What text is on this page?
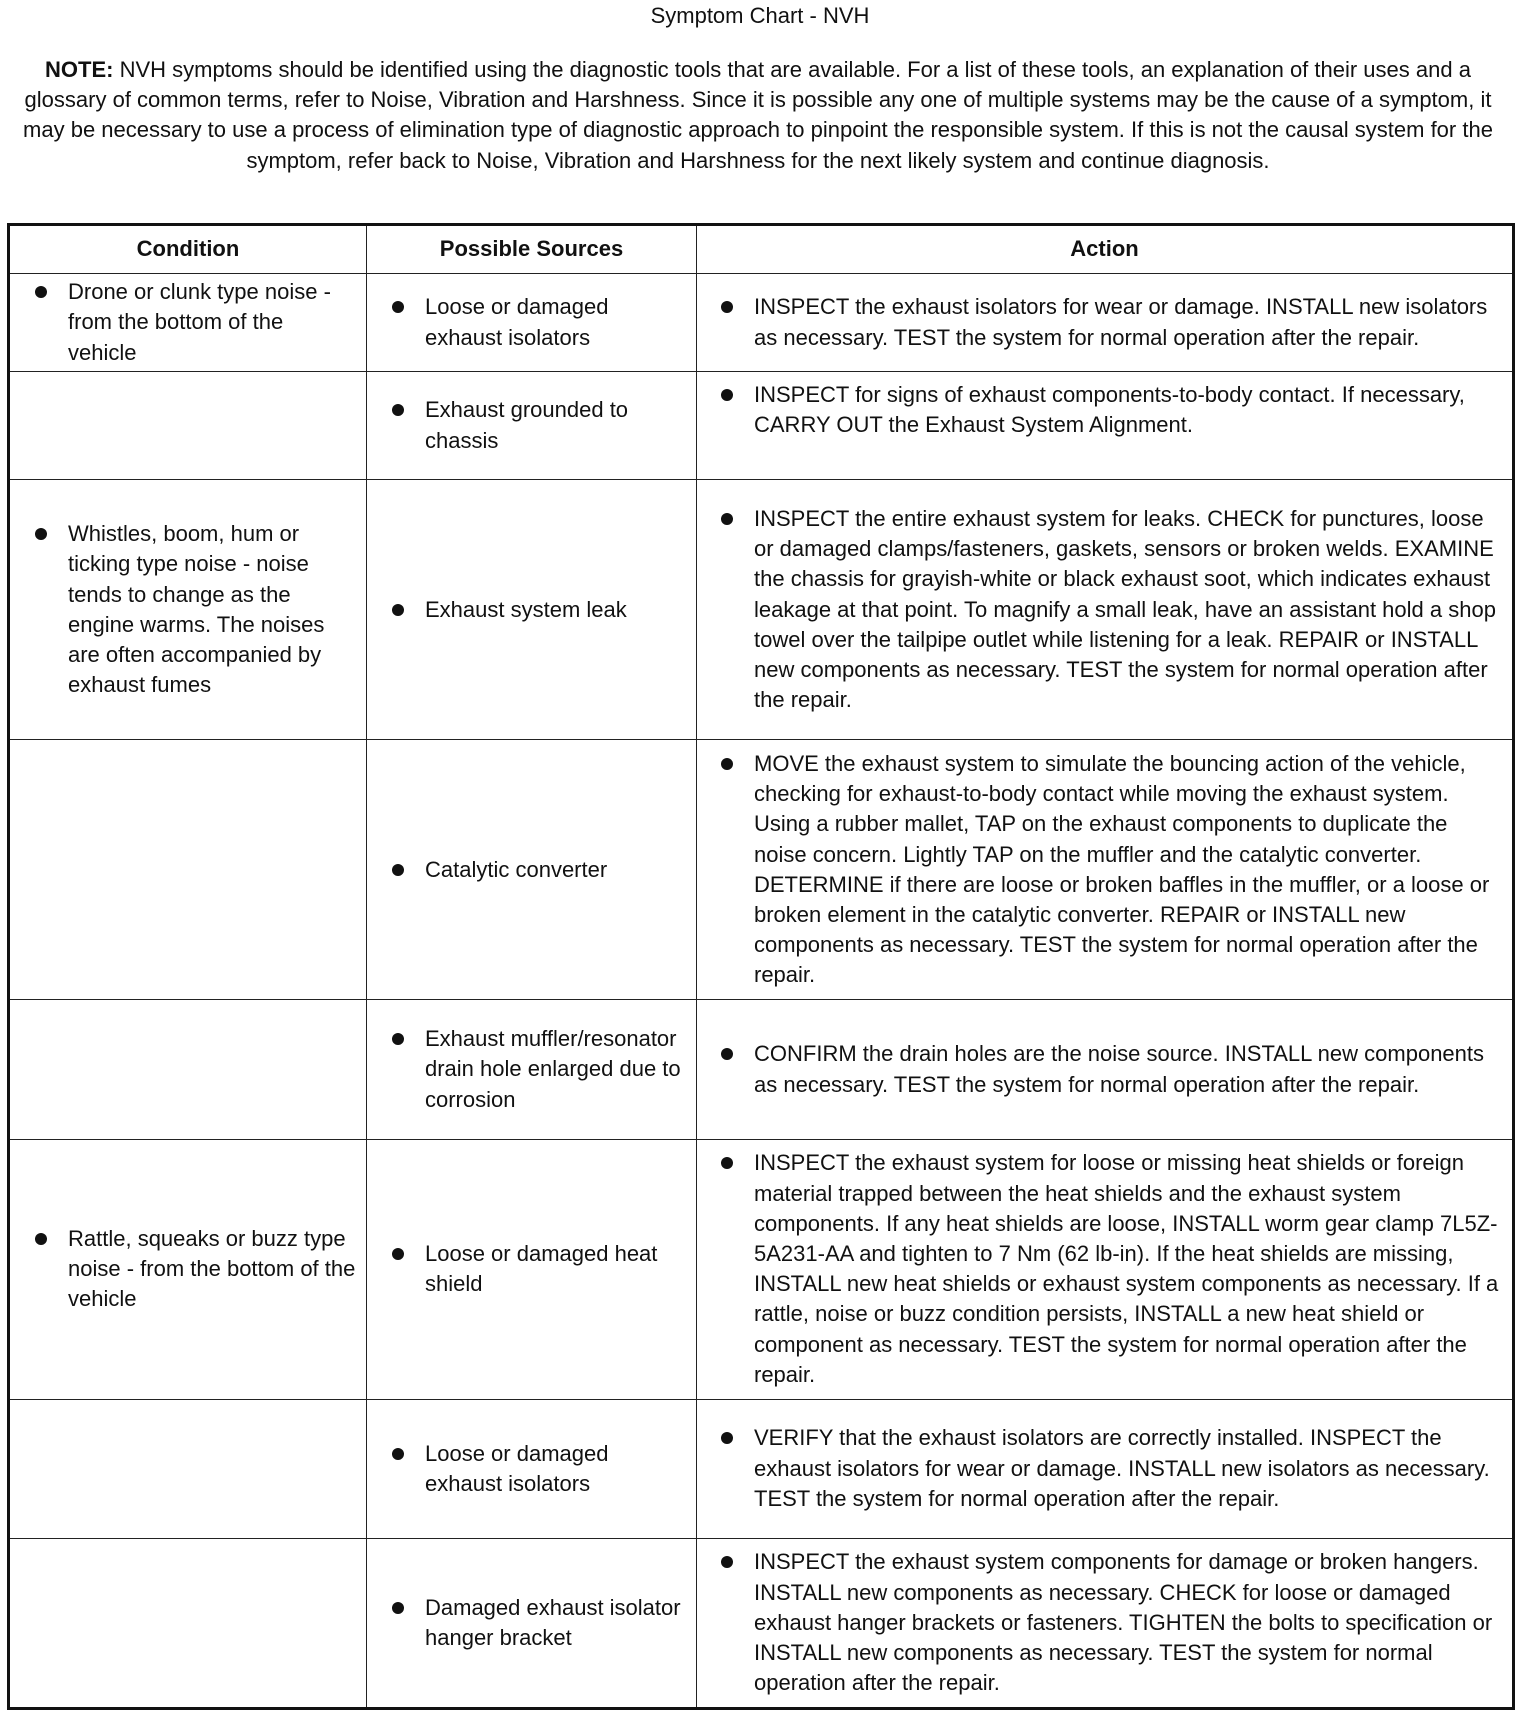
Symptom Chart - NVH
NOTE: NVH symptoms should be identified using the diagnostic tools that are available. For a list of these tools, an explanation of their uses and a glossary of common terms, refer to Noise, Vibration and Harshness. Since it is possible any one of multiple systems may be the cause of a symptom, it may be necessary to use a process of elimination type of diagnostic approach to pinpoint the responsible system. If this is not the causal system for the symptom, refer back to Noise, Vibration and Harshness for the next likely system and continue diagnosis.
Condition	Possible Sources	Action

Drone or clunk type noise - from the bottom of the vehicle	Loose or damaged exhaust isolators	INSPECT the exhaust isolators for wear or damage. INSTALL new isolators as necessary. TEST the system for normal operation after the repair.

	Exhaust grounded to chassis	INSPECT for signs of exhaust components-to-body contact. If necessary, CARRY OUT the Exhaust System Alignment.

Whistles, boom, hum or ticking type noise - noise tends to change as the engine warms. The noises are often accompanied by exhaust fumes	Exhaust system leak	INSPECT the entire exhaust system for leaks. CHECK for punctures, loose or damaged clamps/fasteners, gaskets, sensors or broken welds. EXAMINE the chassis for grayish-white or black exhaust soot, which indicates exhaust leakage at that point. To magnify a small leak, have an assistant hold a shop towel over the tailpipe outlet while listening for a leak. REPAIR or INSTALL new components as necessary. TEST the system for normal operation after the repair.

	Catalytic converter	MOVE the exhaust system to simulate the bouncing action of the vehicle, checking for exhaust-to-body contact while moving the exhaust system. Using a rubber mallet, TAP on the exhaust components to duplicate the noise concern. Lightly TAP on the muffler and the catalytic converter. DETERMINE if there are loose or broken baffles in the muffler, or a loose or broken element in the catalytic converter. REPAIR or INSTALL new components as necessary. TEST the system for normal operation after the repair.

	Exhaust muffler/resonator drain hole enlarged due to corrosion	CONFIRM the drain holes are the noise source. INSTALL new components as necessary. TEST the system for normal operation after the repair.

Rattle, squeaks or buzz type noise - from the bottom of the vehicle	Loose or damaged heat shield	INSPECT the exhaust system for loose or missing heat shields or foreign material trapped between the heat shields and the exhaust system components. If any heat shields are loose, INSTALL worm gear clamp 7L5Z-5A231-AA and tighten to 7 Nm (62 lb-in). If the heat shields are missing, INSTALL new heat shields or exhaust system components as necessary. If a rattle, noise or buzz condition persists, INSTALL a new heat shield or component as necessary. TEST the system for normal operation after the repair.

	Loose or damaged exhaust isolators	VERIFY that the exhaust isolators are correctly installed. INSPECT the exhaust isolators for wear or damage. INSTALL new isolators as necessary. TEST the system for normal operation after the repair.

	Damaged exhaust isolator hanger bracket	INSPECT the exhaust system components for damage or broken hangers. INSTALL new components as necessary. CHECK for loose or damaged exhaust hanger brackets or fasteners. TIGHTEN the bolts to specification or INSTALL new components as necessary. TEST the system for normal operation after the repair.
